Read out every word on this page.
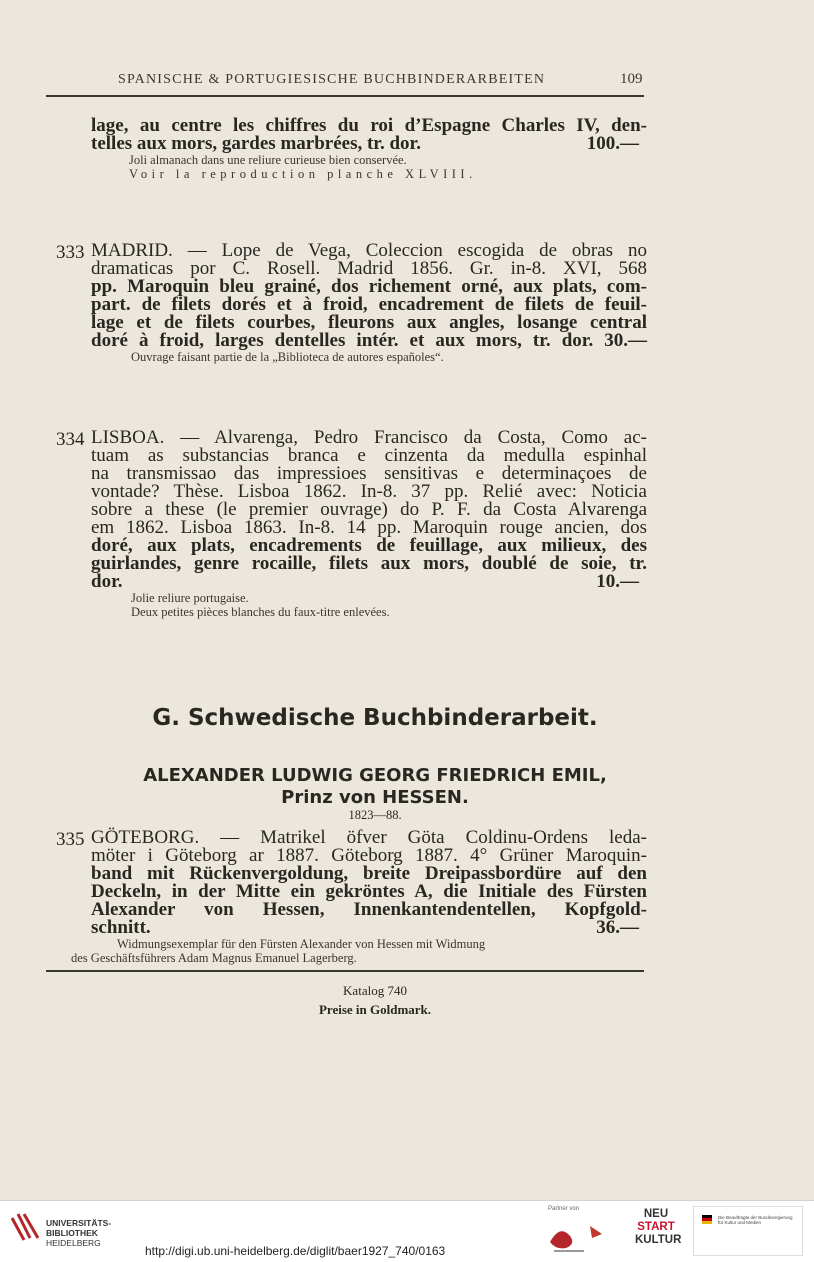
SPANISCHE & PORTUGIESISCHE BUCHBINDERARBEITEN	109
lage, au centre les chiffres du roi d’Espagne Charles IV, den-
telles aux mors, gardes marbrées, tr. dor.	100.—
Joli almanach dans une reliure curieuse bien conservée.
Voir la reproduction planche XLVIII.
333 MADRID. — Lope de Vega, Coleccion escogida de obras no
dramaticas por C. Rosell. Madrid 1856. Gr. in-8. XVI, 568
pp. Maroquin bleu grainé, dos richement orné, aux plats, com-
part. de filets dorés et à froid, encadrement de filets de feuil-
lage et de filets courbes, fleurons aux angles, losange central
doré à froid, larges dentelles intér. et aux mors, tr. dor. 30.—
Ouvrage faisant partie de la „Biblioteca de autores españoles“.
334 LISBOA. — Alvarenga, Pedro Francisco da Costa, Como ac-
tuam as substancias branca e cinzenta da medulla espinhal
na transmissao das impressioes sensitivas e determinaçoes de
vontade? Thèse. Lisboa 1862. In-8. 37 pp. Relié avec: Noticia
sobre a these (le premier ouvrage) do P. F. da Costa Alvarenga
em 1862. Lisboa 1863. In-8. 14 pp. Maroquin rouge ancien, dos
doré, aux plats, encadrements de feuillage, aux milieux, des
guirlandes, genre rocaille, filets aux mors, doublé de soie, tr.
dor.	10.—
Jolie reliure portugaise.
Deux petites pièces blanches du faux-titre enlevées.
G. Schwedische Buchbinderarbeit.
ALEXANDER LUDWIG GEORG FRIEDRICH EMIL,
Prinz von HESSEN.
1823—88.
335 GÖTEBORG. — Matrikel öfver Göta Coldinu-Ordens leda-
möter i Göteborg ar 1887. Göteborg 1887. 4° Grüner Maroquin-
band mit Rückenvergoldung, breite Dreipassbordüre auf den
Deckeln, in der Mitte ein gekröntes A, die Initiale des Fürsten
Alexander von Hessen, Innenkantendentellen, Kopfgold-
schnitt.	36.—
Widmungsexemplar für den Fürsten Alexander von Hessen mit Widmung
des Geschäftsführers Adam Magnus Emanuel Lagerberg.
Katalog 740
Preise in Goldmark.
UNIVERSITÄTS-
BIBLIOTHEK
HEIDELBERG
http://digi.ub.uni-heidelberg.de/diglit/baer1927_740/0163
Partner von	NEU
START
KULTUR
Die Beauftragte der Bundesregierung
für Kultur und Medien
